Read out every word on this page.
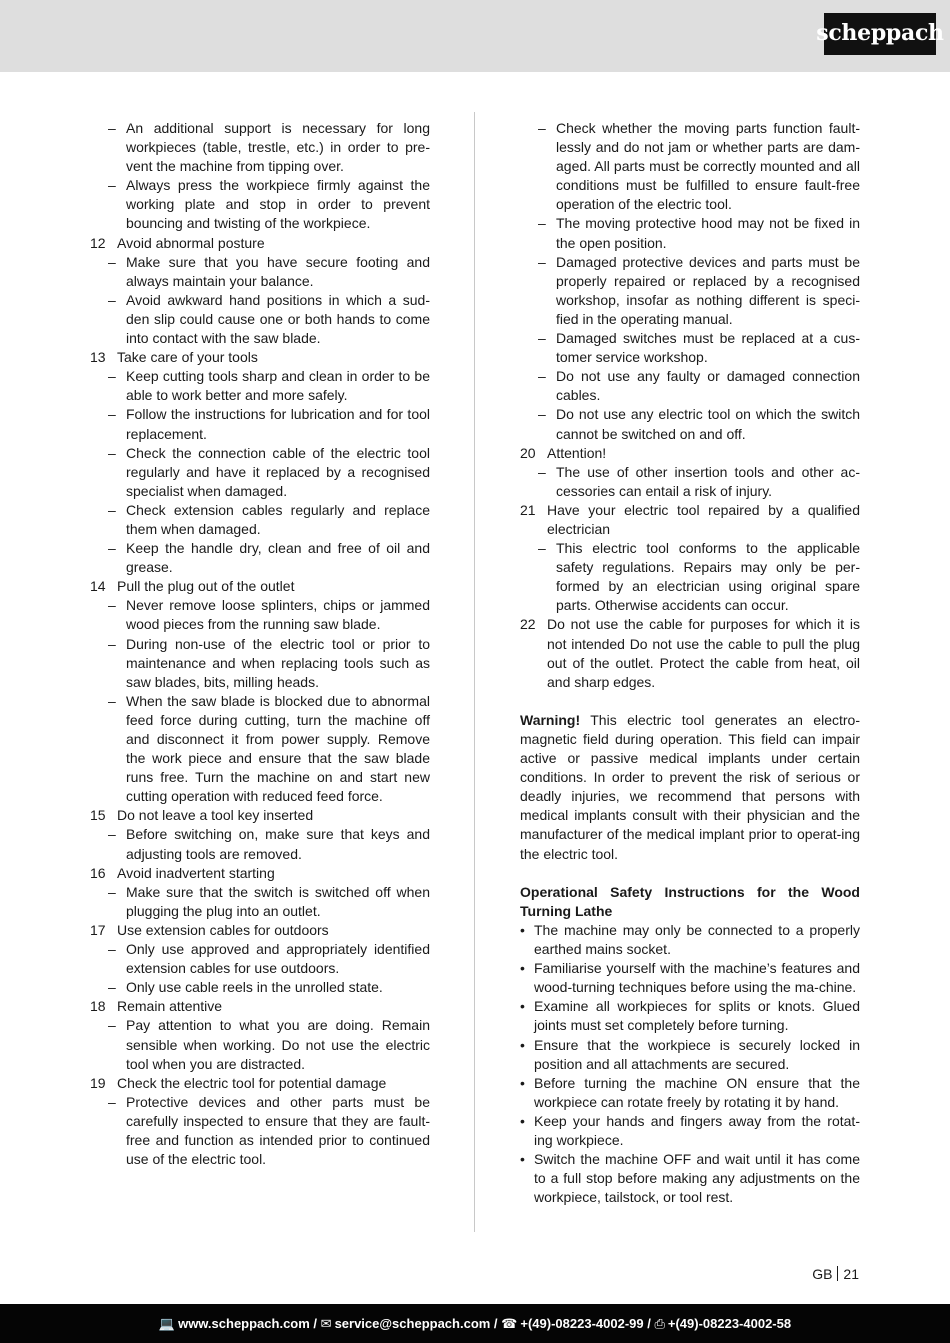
scheppach
– An additional support is necessary for long workpieces (table, trestle, etc.) in order to pre-vent the machine from tipping over.
– Always press the workpiece firmly against the working plate and stop in order to prevent bouncing and twisting of the workpiece.
12 Avoid abnormal posture
– Make sure that you have secure footing and always maintain your balance.
– Avoid awkward hand positions in which a sud-den slip could cause one or both hands to come into contact with the saw blade.
13 Take care of your tools
– Keep cutting tools sharp and clean in order to be able to work better and more safely.
– Follow the instructions for lubrication and for tool replacement.
– Check the connection cable of the electric tool regularly and have it replaced by a recognised specialist when damaged.
– Check extension cables regularly and replace them when damaged.
– Keep the handle dry, clean and free of oil and grease.
14 Pull the plug out of the outlet
– Never remove loose splinters, chips or jammed wood pieces from the running saw blade.
– During non-use of the electric tool or prior to maintenance and when replacing tools such as saw blades, bits, milling heads.
– When the saw blade is blocked due to abnormal feed force during cutting, turn the machine off and disconnect it from power supply. Remove the work piece and ensure that the saw blade runs free. Turn the machine on and start new cutting operation with reduced feed force.
15 Do not leave a tool key inserted
– Before switching on, make sure that keys and adjusting tools are removed.
16 Avoid inadvertent starting
– Make sure that the switch is switched off when plugging the plug into an outlet.
17 Use extension cables for outdoors
– Only use approved and appropriately identified extension cables for use outdoors.
– Only use cable reels in the unrolled state.
18 Remain attentive
– Pay attention to what you are doing. Remain sensible when working. Do not use the electric tool when you are distracted.
19 Check the electric tool for potential damage
– Protective devices and other parts must be carefully inspected to ensure that they are fault-free and function as intended prior to continued use of the electric tool.
– Check whether the moving parts function fault-lessly and do not jam or whether parts are dam-aged. All parts must be correctly mounted and all conditions must be fulfilled to ensure fault-free operation of the electric tool.
– The moving protective hood may not be fixed in the open position.
– Damaged protective devices and parts must be properly repaired or replaced by a recognised workshop, insofar as nothing different is speci-fied in the operating manual.
– Damaged switches must be replaced at a cus-tomer service workshop.
– Do not use any faulty or damaged connection cables.
– Do not use any electric tool on which the switch cannot be switched on and off.
20 Attention!
– The use of other insertion tools and other ac-cessories can entail a risk of injury.
21 Have your electric tool repaired by a qualified electrician
– This electric tool conforms to the applicable safety regulations. Repairs may only be per-formed by an electrician using original spare parts. Otherwise accidents can occur.
22 Do not use the cable for purposes for which it is not intended Do not use the cable to pull the plug out of the outlet. Protect the cable from heat, oil and sharp edges.
Warning! This electric tool generates an electro-magnetic field during operation. This field can impair active or passive medical implants under certain conditions. In order to prevent the risk of serious or deadly injuries, we recommend that persons with medical implants consult with their physician and the manufacturer of the medical implant prior to operat-ing the electric tool.
Operational Safety Instructions for the Wood Turning Lathe
• The machine may only be connected to a properly earthed mains socket.
• Familiarise yourself with the machine’s features and wood-turning techniques before using the ma-chine.
• Examine all workpieces for splits or knots. Glued joints must set completely before turning.
• Ensure that the workpiece is securely locked in position and all attachments are secured.
• Before turning the machine ON ensure that the workpiece can rotate freely by rotating it by hand.
• Keep your hands and fingers away from the rotat-ing workpiece.
• Switch the machine OFF and wait until it has come to a full stop before making any adjustments on the workpiece, tailstock, or tool rest.
GB 21
💻 www.scheppach.com /
✉ service@scheppach.com /
☎ +(49)-08223-4002-99 /
⎙ +(49)-08223-4002-58
